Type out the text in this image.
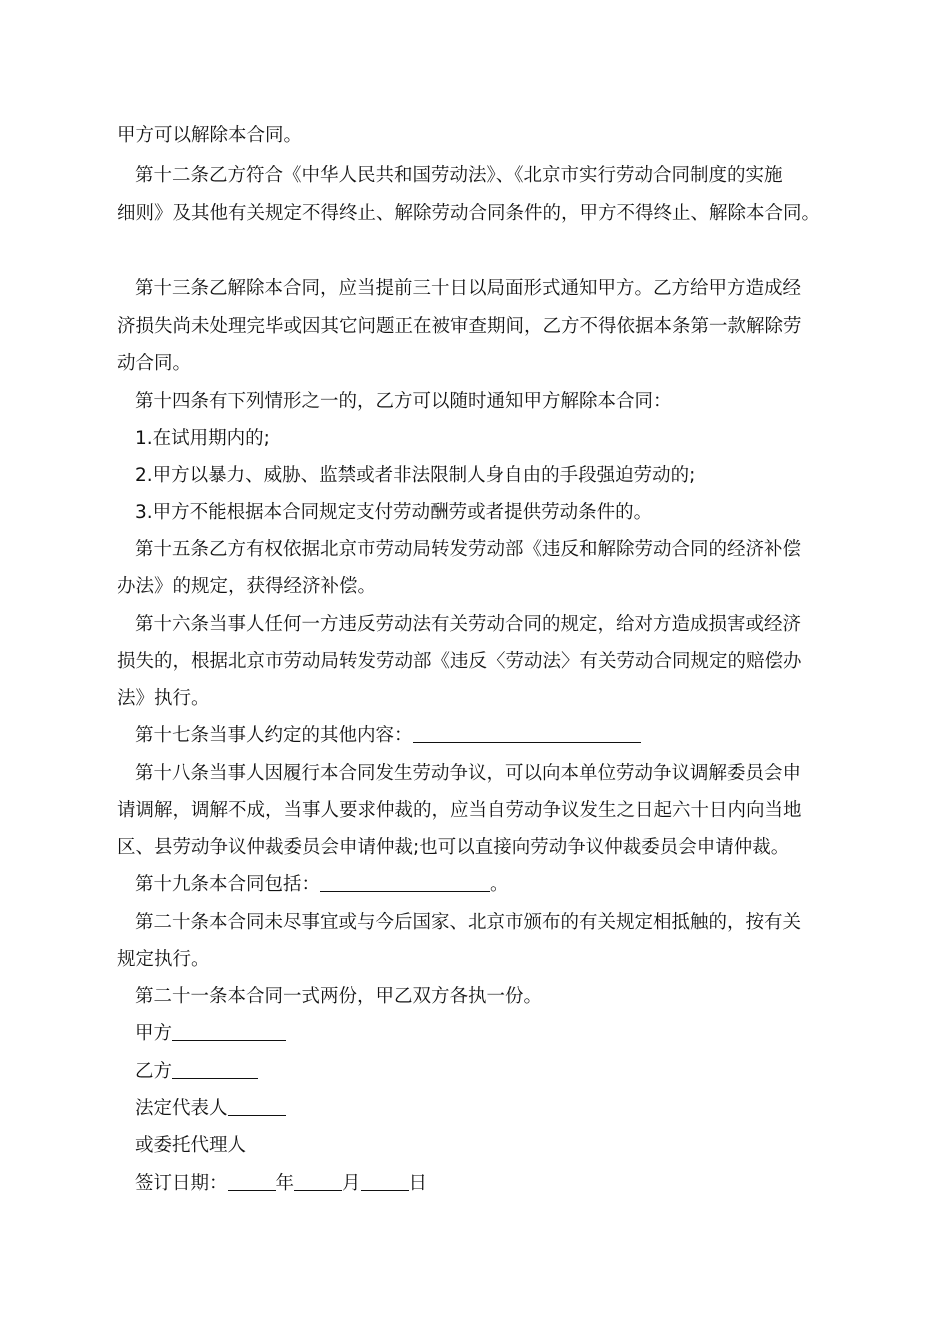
甲方可以解除本合同。

第十二条乙方符合《中华人民共和国劳动法》、《北京市实行劳动合同制度的实施

细则》及其他有关规定不得终止、解除劳动合同条件的，甲方不得终止、解除本合同。

第十三条乙解除本合同，应当提前三十日以局面形式通知甲方。乙方给甲方造成经

济损失尚未处理完毕或因其它问题正在被审查期间，乙方不得依据本条第一款解除劳

动合同。

第十四条有下列情形之一的，乙方可以随时通知甲方解除本合同：

1.在试用期内的;

2.甲方以暴力、威胁、监禁或者非法限制人身自由的手段强迫劳动的;

3.甲方不能根据本合同规定支付劳动酬劳或者提供劳动条件的。

第十五条乙方有权依据北京市劳动局转发劳动部《违反和解除劳动合同的经济补偿

办法》的规定，获得经济补偿。

第十六条当事人任何一方违反劳动法有关劳动合同的规定，给对方造成损害或经济

损失的，根据北京市劳动局转发劳动部《违反〈劳动法〉有关劳动合同规定的赔偿办

法》执行。

第十七条当事人约定的其他内容：

第十八条当事人因履行本合同发生劳动争议，可以向本单位劳动争议调解委员会申

请调解，调解不成，当事人要求仲裁的，应当自劳动争议发生之日起六十日内向当地

区、县劳动争议仲裁委员会申请仲裁;也可以直接向劳动争议仲裁委员会申请仲裁。

第十九条本合同包括：	。

第二十条本合同未尽事宜或与今后国家、北京市颁布的有关规定相抵触的，按有关

规定执行。

第二十一条本合同一式两份，甲乙双方各执一份。

甲方

乙方

法定代表人

或委托代理人

签订日期：	年	月	日
